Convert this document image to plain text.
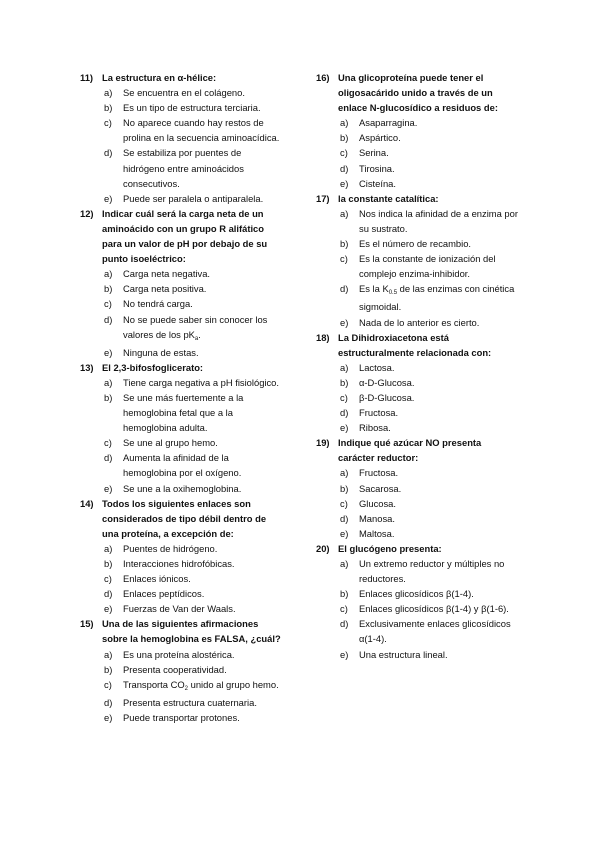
11) La estructura en α-hélice:
a)	Se encuentra en el colágeno.
b)	Es un tipo de estructura terciaria.
c)	No aparece cuando hay restos de prolina en la secuencia aminoacídica.
d)	Se estabiliza por puentes de hidrógeno entre aminoácidos consecutivos.
e)	Puede ser paralela o antiparalela.
12) Indicar cuál será la carga neta de un aminoácido con un grupo R alifático para un valor de pH por debajo de su punto isoeléctrico:
a)	Carga neta negativa.
b)	Carga neta positiva.
c)	No tendrá carga.
d)	No se puede saber sin conocer los valores de los $pK_a$.
e)	Ninguna de estas.
13) El 2,3-bifosfoglicerato:
a)	Tiene carga negativa a pH fisiológico.
b)	Se une más fuertemente a la hemoglobina fetal que a la hemoglobina adulta.
c)	Se une al grupo hemo.
d)	Aumenta la afinidad de la hemoglobina por el oxígeno.
e)	Se une a la oxihemoglobina.
14) Todos los siguientes enlaces son considerados de tipo débil dentro de una proteína, a excepción de:
a)	Puentes de hidrógeno.
b)	Interacciones hidrofóbicas.
c)	Enlaces iónicos.
d)	Enlaces peptídicos.
e)	Fuerzas de Van der Waals.
15) Una de las siguientes afirmaciones sobre la hemoglobina es FALSA, ¿cuál?
a)	Es una proteína alostérica.
b)	Presenta cooperatividad.
c)	Transporta $CO_2$ unido al grupo hemo.
d)	Presenta estructura cuaternaria.
e)	Puede transportar protones.
16) Una glicoproteína puede tener el oligosacárido unido a través de un enlace N-glucosídico a residuos de:
a)	Asaparragina.
b)	Aspártico.
c)	Serina.
d)	Tirosina.
e)	Cisteína.
17) la constante catalítica:
a)	Nos indica la afinidad de a enzima por su sustrato.
b)	Es el número de recambio.
c)	Es la constante de ionización del complejo enzima-inhibidor.
d)	Es la $K_{0.5}$ de las enzimas con cinética sigmoidal.
e)	Nada de lo anterior es cierto.
18) La Dihidroxiacetona está estructuralmente relacionada con:
a)	Lactosa.
b)	α-D-Glucosa.
c)	β-D-Glucosa.
d)	Fructosa.
e)	Ribosa.
19) Indique qué azúcar NO presenta carácter reductor:
a)	Fructosa.
b)	Sacarosa.
c)	Glucosa.
d)	Manosa.
e)	Maltosa.
20) El glucógeno presenta:
a)	Un extremo reductor y múltiples no reductores.
b)	Enlaces glicosídicos β(1-4).
c)	Enlaces glicosídicos β(1-4) y β(1-6).
d)	Exclusivamente enlaces glicosídicos α(1-4).
e)	Una estructura lineal.
